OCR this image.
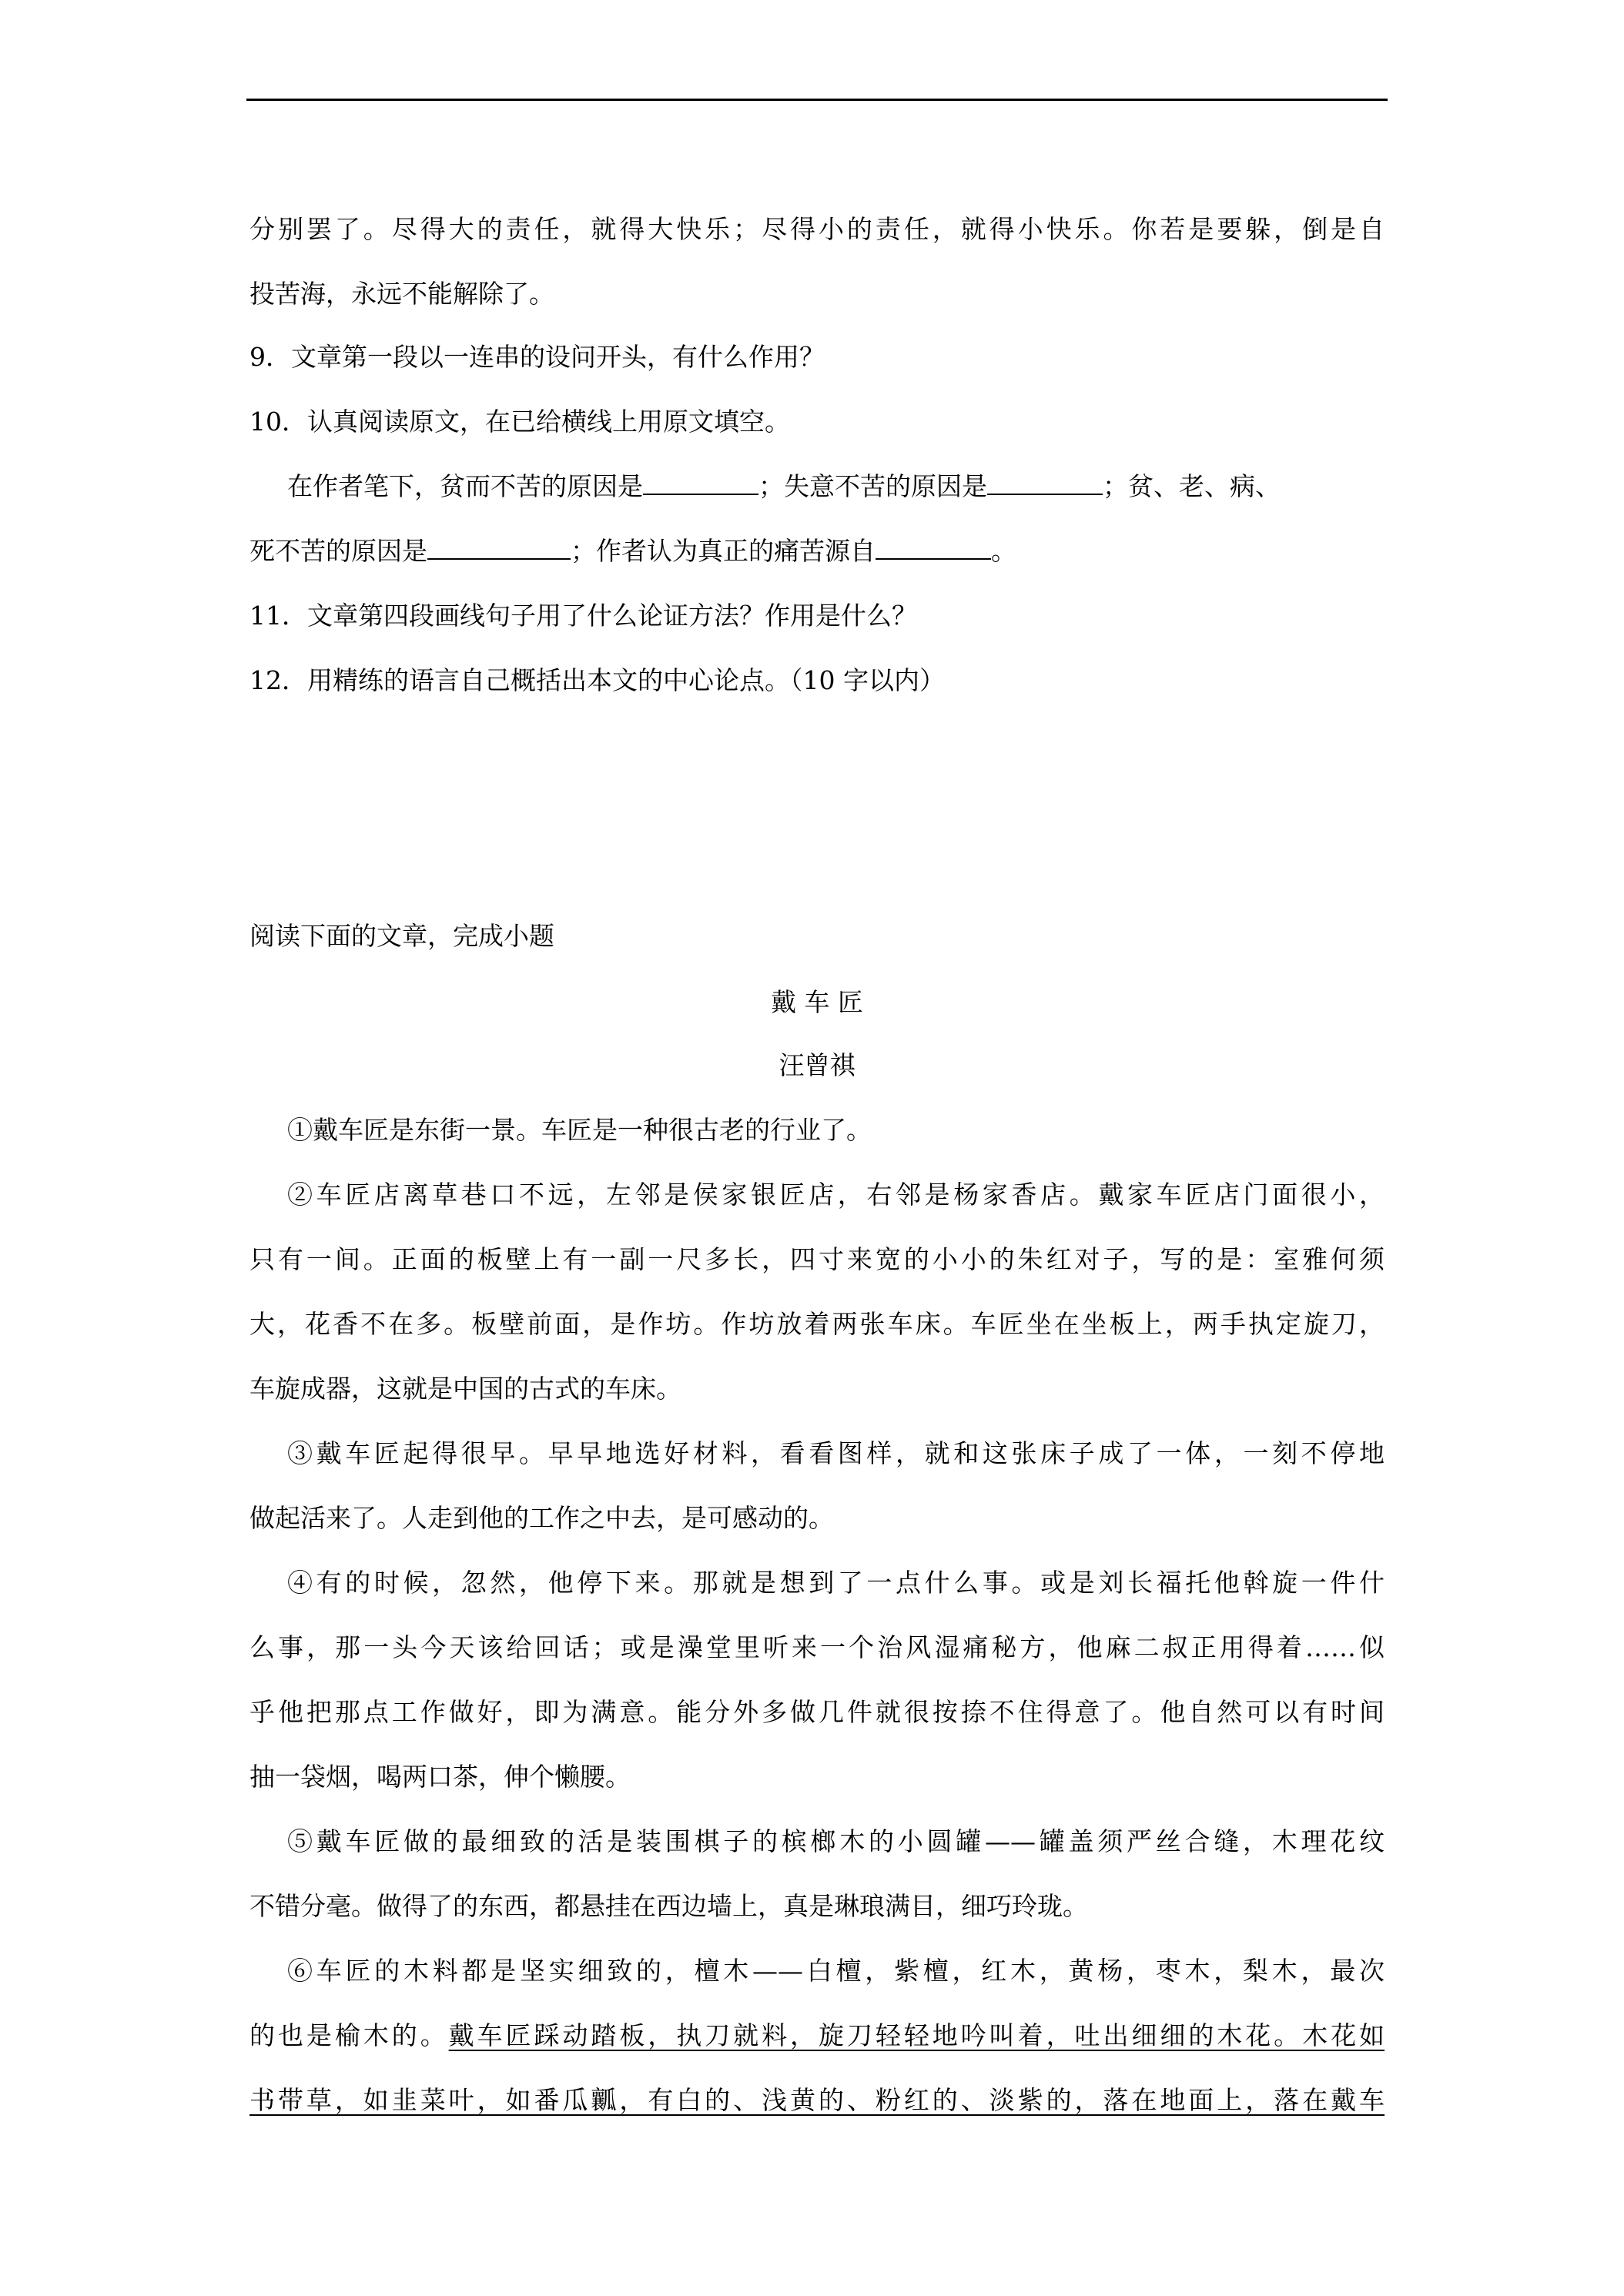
分别罢了。尽得大的责任，就得大快乐；尽得小的责任，就得小快乐。你若是要躲，倒是自
投苦海，永远不能解除了。
9．文章第一段以一连串的设问开头，有什么作用？
10．认真阅读原文，在已给横线上用原文填空。
在作者笔下，贫而不苦的原因是	；失意不苦的原因是	；贫、老、病、
死不苦的原因是	；作者认为真正的痛苦源自	。
11．文章第四段画线句子用了什么论证方法？作用是什么？
12．用精练的语言自己概括出本文的中心论点。（10 字以内）
阅读下面的文章，完成小题
戴 车 匠
汪曾祺
①戴车匠是东街一景。车匠是一种很古老的行业了。
②车匠店离草巷口不远，左邻是侯家银匠店，右邻是杨家香店。戴家车匠店门面很小，
只有一间。正面的板壁上有一副一尺多长，四寸来宽的小小的朱红对子，写的是：室雅何须
大，花香不在多。板壁前面，是作坊。作坊放着两张车床。车匠坐在坐板上，两手执定旋刀，
车旋成器，这就是中国的古式的车床。
③戴车匠起得很早。早早地选好材料，看看图样，就和这张床子成了一体，一刻不停地
做起活来了。人走到他的工作之中去，是可感动的。
④有的时候，忽然，他停下来。那就是想到了一点什么事。或是刘长福托他斡旋一件什
么事，那一头今天该给回话；或是澡堂里听来一个治风湿痛秘方，他麻二叔正用得着……似
乎他把那点工作做好，即为满意。能分外多做几件就很按捺不住得意了。他自然可以有时间
抽一袋烟，喝两口茶，伸个懒腰。
⑤戴车匠做的最细致的活是装围棋子的槟榔木的小圆罐——罐盖须严丝合缝，木理花纹
不错分毫。做得了的东西，都悬挂在西边墙上，真是琳琅满目，细巧玲珑。
⑥车匠的木料都是坚实细致的，檀木——白檀，紫檀，红木，黄杨，枣木，梨木，最次
的也是榆木的。戴车匠踩动踏板，执刀就料，旋刀轻轻地吟叫着，吐出细细的木花。木花如
书带草，如韭菜叶，如番瓜瓤，有白的、浅黄的、粉红的、淡紫的，落在地面上，落在戴车
